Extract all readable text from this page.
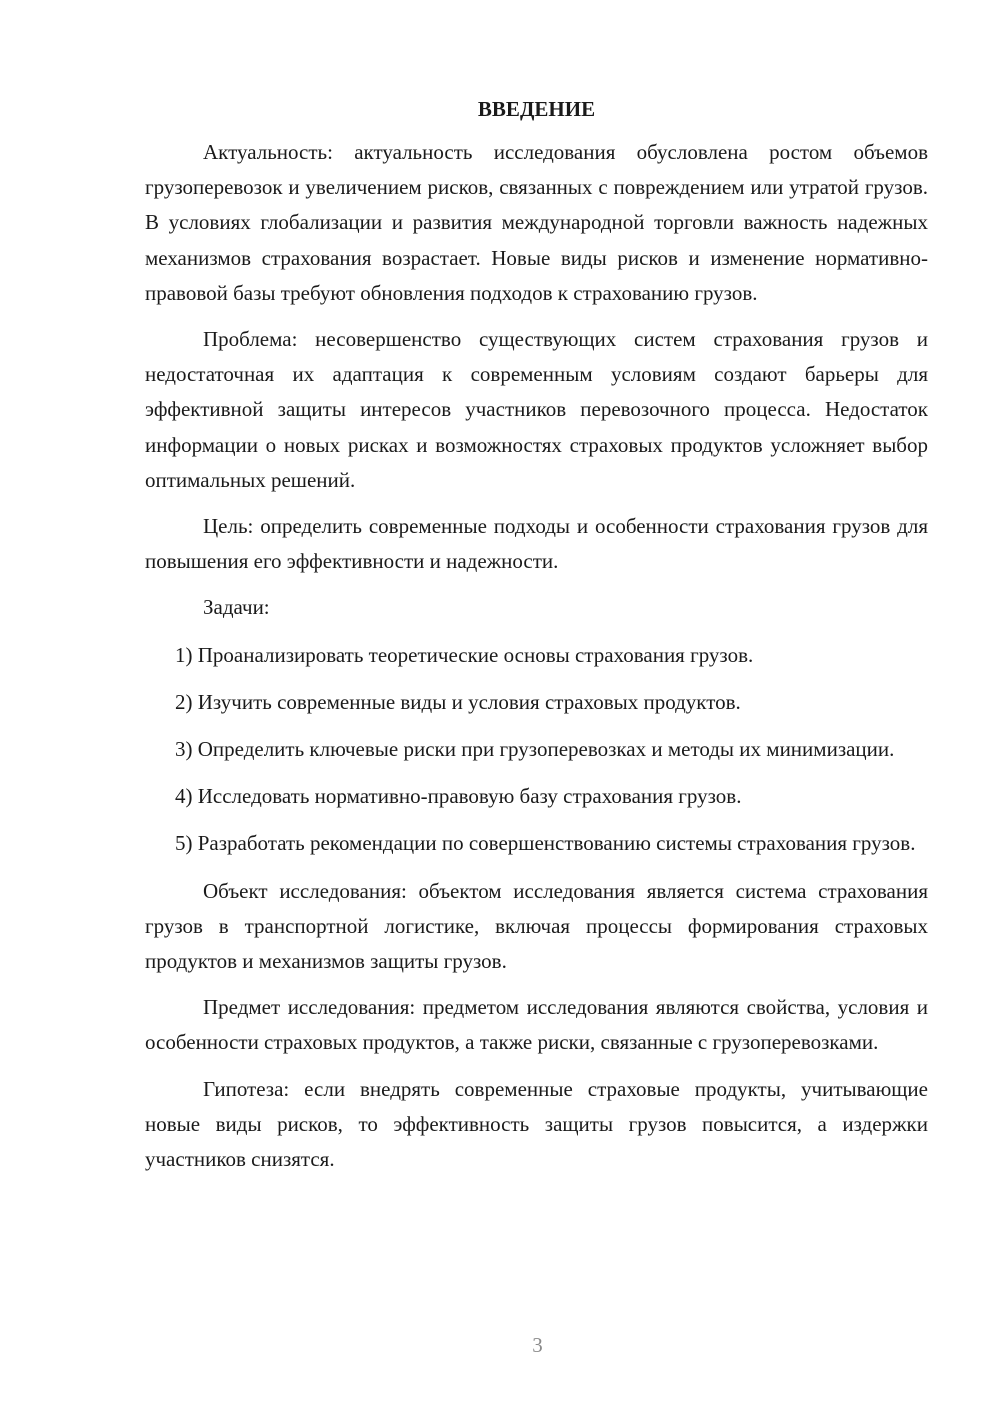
ВВЕДЕНИЕ

Актуальность: актуальность исследования обусловлена ростом объемов грузоперевозок и увеличением рисков, связанных с повреждением или утратой грузов. В условиях глобализации и развития международной торговли важность надежных механизмов страхования возрастает. Новые виды рисков и изменение нормативно-правовой базы требуют обновления подходов к страхованию грузов.

Проблема: несовершенство существующих систем страхования грузов и недостаточная их адаптация к современным условиям создают барьеры для эффективной защиты интересов участников перевозочного процесса. Недостаток информации о новых рисках и возможностях страховых продуктов усложняет выбор оптимальных решений.

Цель: определить современные подходы и особенности страхования грузов для повышения его эффективности и надежности.

Задачи:

1) Проанализировать теоретические основы страхования грузов.

2) Изучить современные виды и условия страховых продуктов.

3) Определить ключевые риски при грузоперевозках и методы их минимизации.

4) Исследовать нормативно-правовую базу страхования грузов.

5) Разработать рекомендации по совершенствованию системы страхования грузов.

Объект исследования: объектом исследования является система страхования грузов в транспортной логистике, включая процессы формирования страховых продуктов и механизмов защиты грузов.

Предмет исследования: предметом исследования являются свойства, условия и особенности страховых продуктов, а также риски, связанные с грузоперевозками.

Гипотеза: если внедрять современные страховые продукты, учитывающие новые виды рисков, то эффективность защиты грузов повысится, а издержки участников снизятся.

3
